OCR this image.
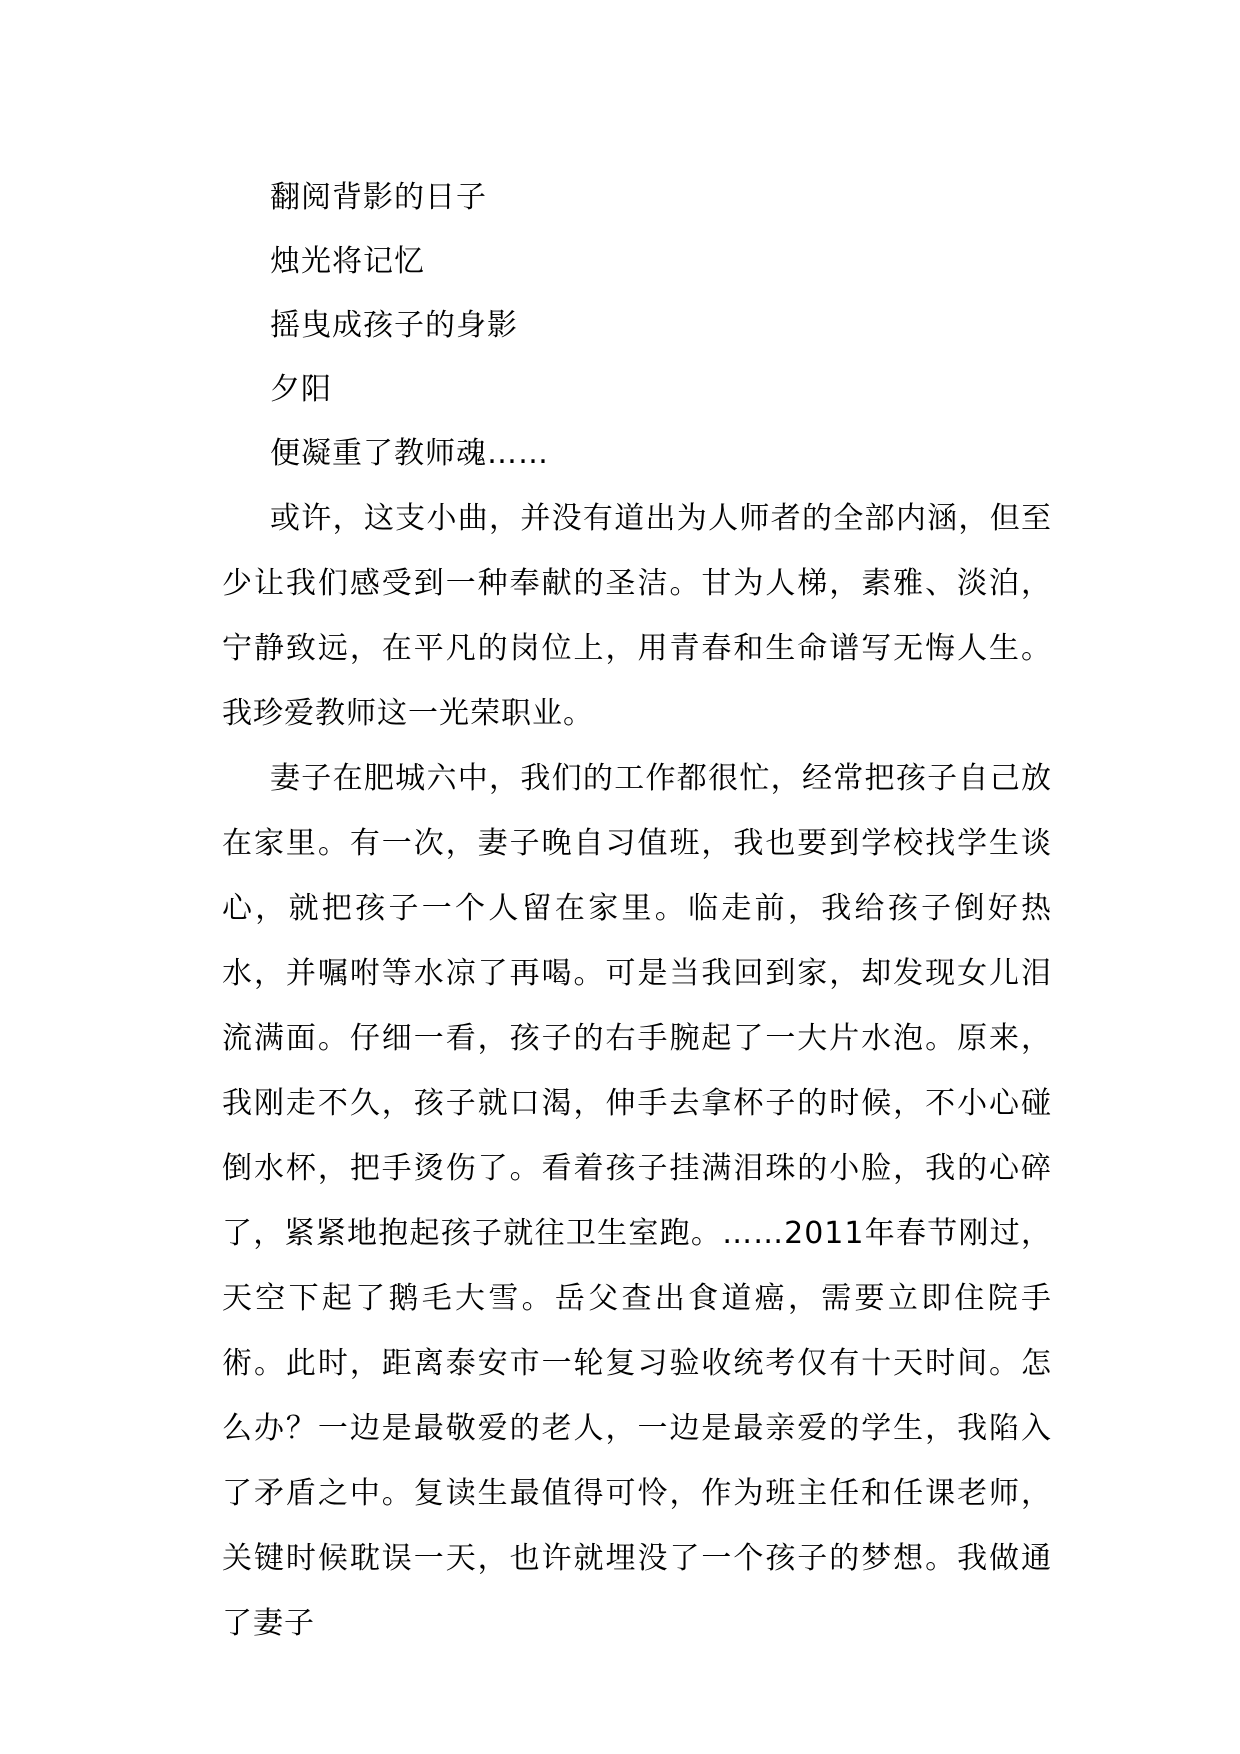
翻阅背影的日子

烛光将记忆

摇曳成孩子的身影

夕阳

便凝重了教师魂……

或许，这支小曲，并没有道出为人师者的全部内涵，但至少让我们感受到一种奉献的圣洁。甘为人梯，素雅、淡泊，宁静致远，在平凡的岗位上，用青春和生命谱写无悔人生。我珍爱教师这一光荣职业。

妻子在肥城六中，我们的工作都很忙，经常把孩子自己放在家里。有一次，妻子晚自习值班，我也要到学校找学生谈心，就把孩子一个人留在家里。临走前，我给孩子倒好热水，并嘱咐等水凉了再喝。可是当我回到家，却发现女儿泪流满面。仔细一看，孩子的右手腕起了一大片水泡。原来，我刚走不久，孩子就口渴，伸手去拿杯子的时候，不小心碰倒水杯，把手烫伤了。看着孩子挂满泪珠的小脸，我的心碎了，紧紧地抱起孩子就往卫生室跑。……2011年春节刚过，天空下起了鹅毛大雪。岳父查出食道癌，需要立即住院手術。此时，距离泰安市一轮复习验收统考仅有十天时间。怎么办？一边是最敬爱的老人，一边是最亲爱的学生，我陷入了矛盾之中。复读生最值得可怜，作为班主任和任课老师，关键时候耽误一天，也许就埋没了一个孩子的梦想。我做通了妻子
